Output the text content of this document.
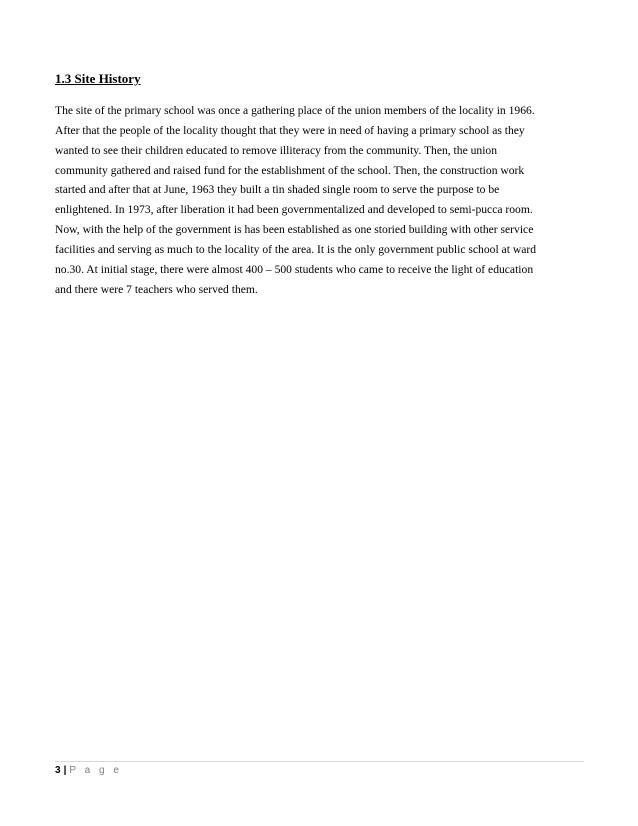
1.3 Site History

The site of the primary school was once a gathering place of the union members of the locality in 1966.
After that the people of the locality thought that they were in need of having a primary school as they
wanted to see their children educated to remove illiteracy from the community. Then, the union
community gathered and raised fund for the establishment of the school. Then, the construction work
started and after that at June, 1963 they built a tin shaded single room to serve the purpose to be
enlightened. In 1973, after liberation it had been governmentalized and developed to semi-pucca room.
Now, with the help of the government is has been established as one storied building with other service
facilities and serving as much to the locality of the area. It is the only government public school at ward
no.30. At initial stage, there were almost 400 – 500 students who came to receive the light of education
and there were 7 teachers who served them.

3 | P a g e
